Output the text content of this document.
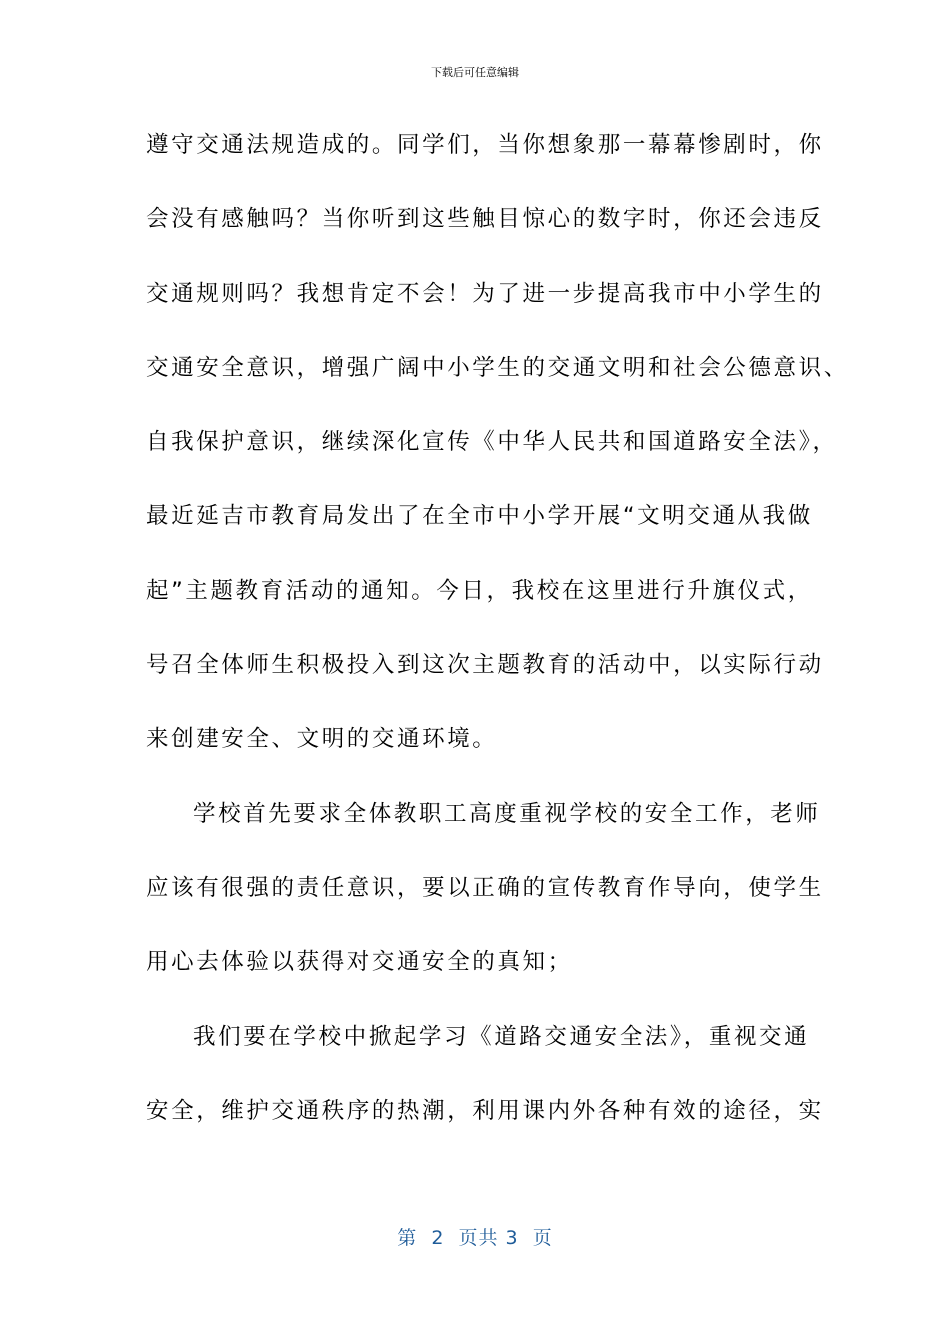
下载后可任意编辑
遵守交通法规造成的。同学们，当你想象那一幕幕惨剧时，你
会没有感触吗？当你听到这些触目惊心的数字时，你还会违反
交通规则吗？我想肯定不会！为了进一步提高我市中小学生的
交通安全意识，增强广阔中小学生的交通文明和社会公德意识、
自我保护意识，继续深化宣传《中华人民共和国道路安全法》，
最近延吉市教育局发出了在全市中小学开展“文明交通从我做
起”主题教育活动的通知。今日，我校在这里进行升旗仪式，
号召全体师生积极投入到这次主题教育的活动中，以实际行动
来创建安全、文明的交通环境。
学校首先要求全体教职工高度重视学校的安全工作，老师
应该有很强的责任意识，要以正确的宣传教育作导向，使学生
用心去体验以获得对交通安全的真知；
我们要在学校中掀起学习《道路交通安全法》，重视交通
安全，维护交通秩序的热潮，利用课内外各种有效的途径，实
第  2  页共 3  页
